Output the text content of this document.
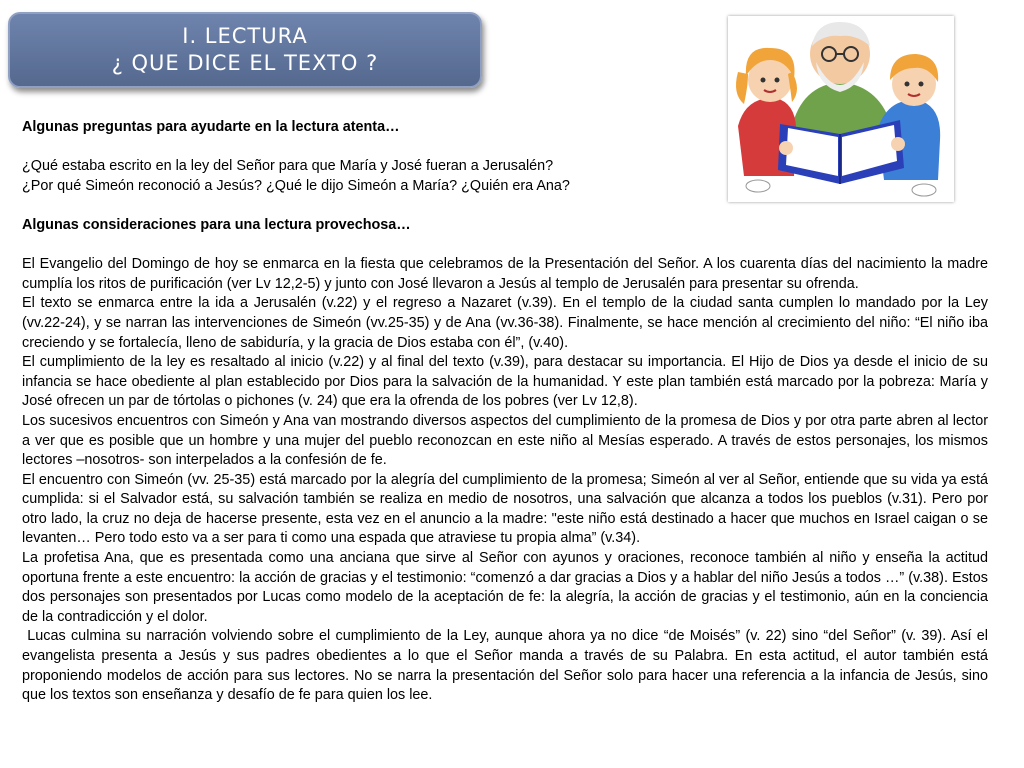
I. LECTURA
¿ QUE DICE EL TEXTO ?

Algunas preguntas para ayudarte en la lectura atenta…

¿Qué estaba escrito en la ley del Señor para que María y José fueran a Jerusalén?

¿Por qué Simeón reconoció a Jesús? ¿Qué le dijo Simeón a María? ¿Quién era Ana?

Algunas consideraciones para una lectura provechosa…

El Evangelio del Domingo de hoy se enmarca en la fiesta que celebramos de la Presentación del Señor. A los cuarenta días del nacimiento la madre cumplía los ritos de purificación (ver Lv 12,2-5) y junto con José llevaron a Jesús al templo de Jerusalén para presentar su ofrenda.

El texto se enmarca entre la ida a Jerusalén (v.22) y el regreso a Nazaret (v.39). En el templo de la ciudad santa cumplen lo mandado por la Ley (vv.22-24), y se narran las intervenciones de Simeón (vv.25-35) y de Ana (vv.36-38). Finalmente, se hace mención al crecimiento del niño: “El niño iba creciendo y se fortalecía, lleno de sabiduría, y la gracia de Dios estaba con él”, (v.40).

El cumplimiento de la ley es resaltado al inicio (v.22) y al final del texto (v.39), para destacar su importancia. El Hijo de Dios ya desde el inicio de su infancia se hace obediente al plan establecido por Dios para la salvación de la humanidad. Y este plan también está marcado por la pobreza: María y José ofrecen un par de tórtolas o pichones (v. 24) que era la ofrenda de los pobres (ver Lv 12,8).

Los sucesivos encuentros con Simeón y Ana van mostrando diversos aspectos del cumplimiento de la promesa de Dios y por otra parte abren al lector a ver que es posible que un hombre y una mujer del pueblo reconozcan en este niño al Mesías esperado. A través de estos personajes, los mismos lectores –nosotros- son interpelados a la confesión de fe.

El encuentro con Simeón (vv. 25-35) está marcado por la alegría del cumplimiento de la promesa; Simeón al ver al Señor, entiende que su vida ya está cumplida: si el Salvador está, su salvación también se realiza en medio de nosotros, una salvación que alcanza a todos los pueblos (v.31). Pero por otro lado, la cruz no deja de hacerse presente, esta vez en el anuncio a la madre: "este niño está destinado a hacer que muchos en Israel caigan o se levanten… Pero todo esto va a ser para ti como una espada que atraviese tu propia alma” (v.34).

La profetisa Ana, que es presentada como una anciana que sirve al Señor con ayunos y oraciones, reconoce también al niño y enseña la actitud oportuna frente a este encuentro: la acción de gracias y el testimonio: “comenzó a dar gracias a Dios y a hablar del niño Jesús a todos …” (v.38). Estos dos personajes son presentados por Lucas como modelo de la aceptación de fe: la alegría, la acción de gracias y el testimonio, aún en la conciencia de la contradicción y el dolor.

Lucas culmina su narración volviendo sobre el cumplimiento de la Ley, aunque ahora ya no dice “de Moisés” (v. 22) sino “del Señor” (v. 39). Así el evangelista presenta a Jesús y sus padres obedientes a lo que el Señor manda a través de su Palabra. En esta actitud, el autor también está proponiendo modelos de acción para sus lectores. No se narra la presentación del Señor solo para hacer una referencia a la infancia de Jesús, sino que los textos son enseñanza y desafío de fe para quien los lee.
